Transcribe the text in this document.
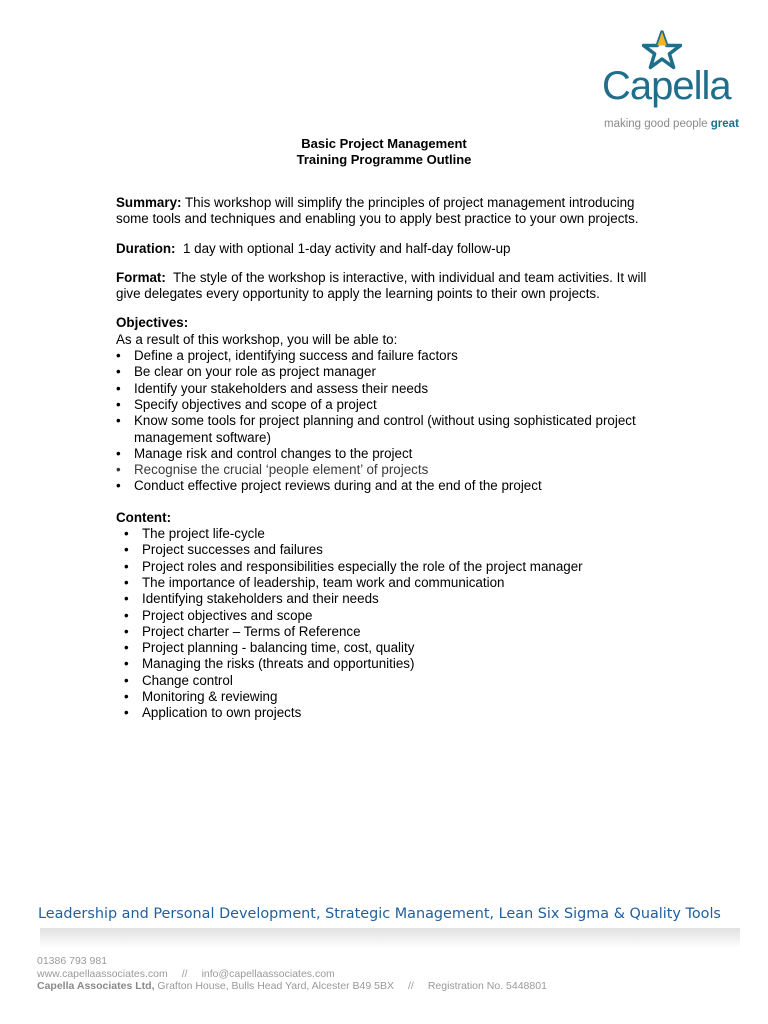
Capella
making good people great
Basic Project Management
Training Programme Outline

Summary: This workshop will simplify the principles of project management introducing some tools and techniques and enabling you to apply best practice to your own projects.

Duration:  1 day with optional 1-day activity and half-day follow-up

Format:  The style of the workshop is interactive, with individual and team activities. It will give delegates every opportunity to apply the learning points to their own projects.

Objectives:
As a result of this workshop, you will be able to:
• Define a project, identifying success and failure factors
• Be clear on your role as project manager
• Identify your stakeholders and assess their needs
• Specify objectives and scope of a project
• Know some tools for project planning and control (without using sophisticated project management software)
• Manage risk and control changes to the project
• Recognise the crucial ‘people element’ of projects
• Conduct effective project reviews during and at the end of the project
Content:
• The project life-cycle
• Project successes and failures
• Project roles and responsibilities especially the role of the project manager
• The importance of leadership, team work and communication
• Identifying stakeholders and their needs
• Project objectives and scope
• Project charter – Terms of Reference
• Project planning - balancing time, cost, quality
• Managing the risks (threats and opportunities)
• Change control
• Monitoring & reviewing
• Application to own projects
Leadership and Personal Development, Strategic Management, Lean Six Sigma & Quality Tools
01386 793 981
www.capellaassociates.com // info@capellaassociates.com
Capella Associates Ltd, Grafton House, Bulls Head Yard, Alcester B49 5BX // Registration No. 5448801
